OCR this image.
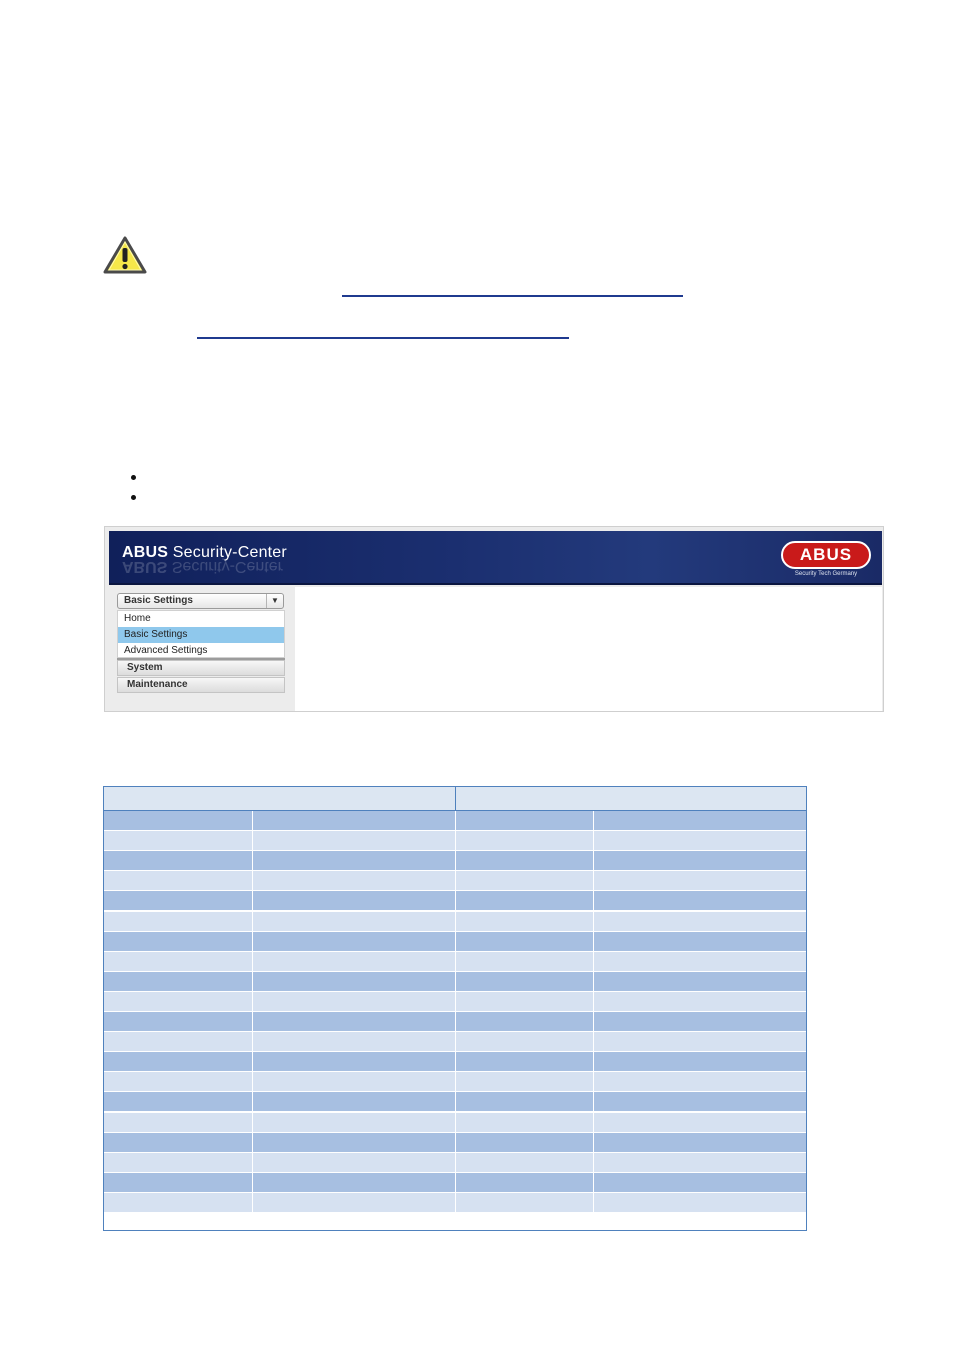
ABUS Security-Center
ABUS Security-Center
ABUS
Security Tech Germany
Basic Settings	▼
Home
Basic Settings
Advanced Settings
System
Maintenance
